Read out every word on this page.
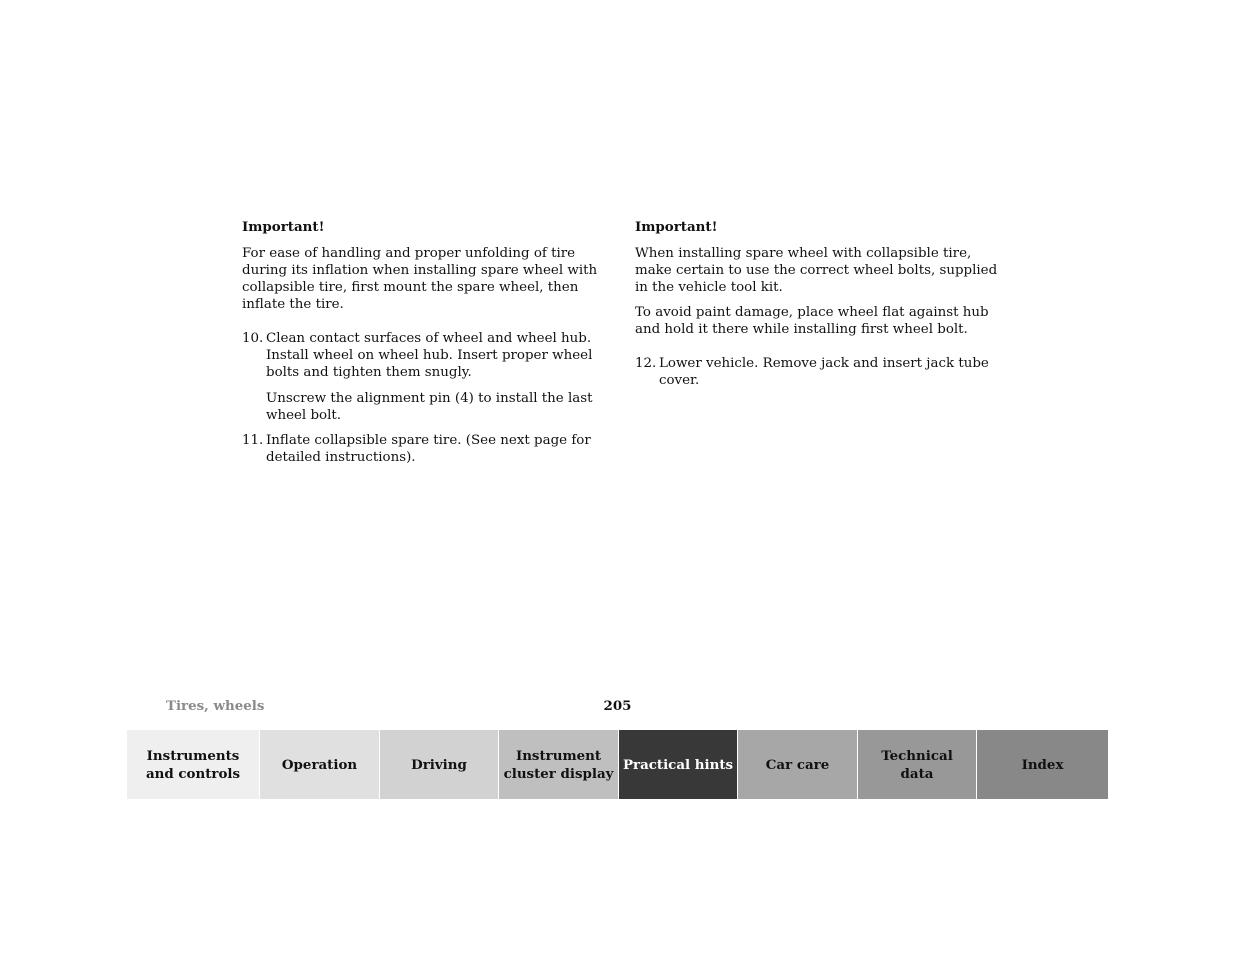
Important!

For ease of handling and proper unfolding of tire during its inflation when installing spare wheel with collapsible tire, first mount the spare wheel, then inflate the tire.

10. Clean contact surfaces of wheel and wheel hub. Install wheel on wheel hub. Insert proper wheel bolts and tighten them snugly.

Unscrew the alignment pin (4) to install the last wheel bolt.

11. Inflate collapsible spare tire. (See next page for detailed instructions).

Important!

When installing spare wheel with collapsible tire, make certain to use the correct wheel bolts, supplied in the vehicle tool kit.

To avoid paint damage, place wheel flat against hub and hold it there while installing first wheel bolt.

12. Lower vehicle. Remove jack and insert jack tube cover.

Tires, wheels	205
Instruments
and controls
Operation	Driving
Instrument
cluster display
Practical hints	Car care
Technical
data
Index
